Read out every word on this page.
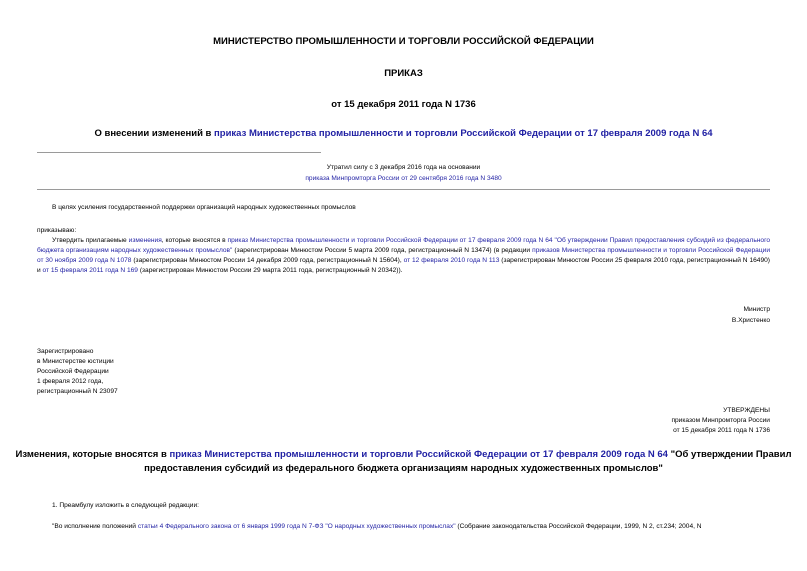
МИНИСТЕРСТВО ПРОМЫШЛЕННОСТИ И ТОРГОВЛИ РОССИЙСКОЙ ФЕДЕРАЦИИ
ПРИКАЗ
от 15 декабря 2011 года N 1736
О внесении изменений в приказ Министерства промышленности и торговли Российской Федерации от 17 февраля 2009 года N 64
Утратил силу с 3 декабря 2016 года на основании
приказа Минпромторга России от 29 сентября 2016 года N 3480
В целях усиления государственной поддержки организаций народных художественных промыслов
приказываю:
Утвердить прилагаемые изменения, которые вносятся в приказ Министерства промышленности и торговли Российской Федерации от 17 февраля 2009 года N 64 "Об утверждении Правил предоставления субсидий из федерального бюджета организациям народных художественных промыслов" (зарегистрирован Минюстом России 5 марта 2009 года, регистрационный N 13474) (в редакции приказов Министерства промышленности и торговли Российской Федерации от 30 ноября 2009 года N 1078 (зарегистрирован Минюстом России 14 декабря 2009 года, регистрационный N 15604), от 12 февраля 2010 года N 113 (зарегистрирован Минюстом России 25 февраля 2010 года, регистрационный N 16490) и от 15 февраля 2011 года N 169 (зарегистрирован Минюстом России 29 марта 2011 года, регистрационный N 20342)).
Министр
В.Христенко
Зарегистрировано
в Министерстве юстиции
Российской Федерации
1 февраля 2012 года,
регистрационный N 23097
УТВЕРЖДЕНЫ
приказом Минпромторга России
от 15 декабря 2011 года N 1736
Изменения, которые вносятся в приказ Министерства промышленности и торговли Российской Федерации от 17 февраля 2009 года N 64 "Об утверждении Правил
предоставления субсидий из федерального бюджета организациям народных художественных промыслов"
1. Преамбулу изложить в следующей редакции:
"Во исполнение положений статьи 4 Федерального закона от 6 января 1999 года N 7-ФЗ "О народных художественных промыслах" (Собрание законодательства Российской Федерации, 1999, N 2, ст.234; 2004, N
